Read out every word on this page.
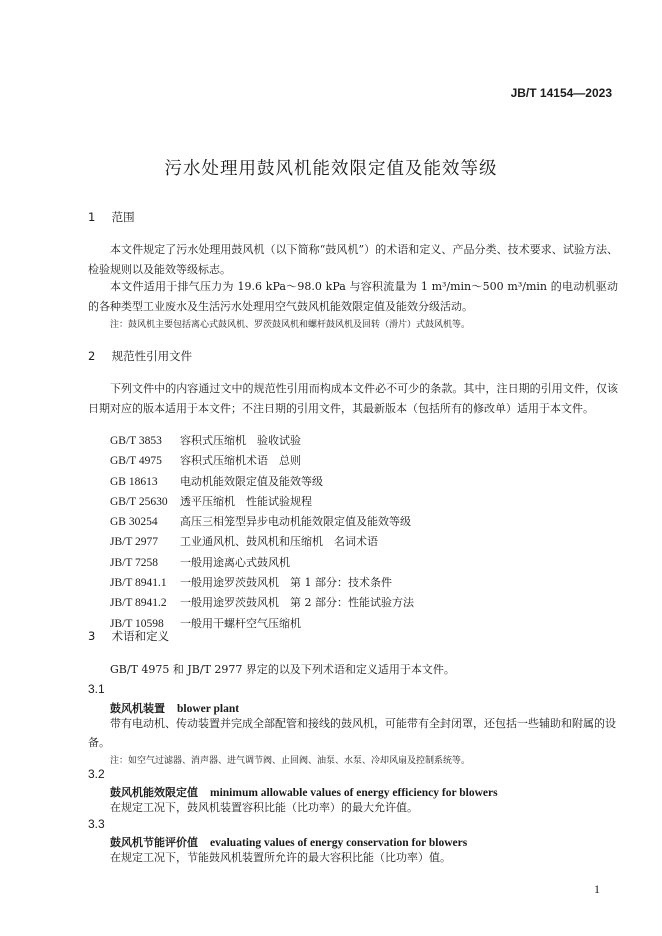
JB/T 14154—2023
污水处理用鼓风机能效限定值及能效等级
1 范围
本文件规定了污水处理用鼓风机（以下简称“鼓风机”）的术语和定义、产品分类、技术要求、试验方法、检验规则以及能效等级标志。
本文件适用于排气压力为 19.6 kPa～98.0 kPa 与容积流量为 1 m³/min～500 m³/min 的电动机驱动的各种类型工业废水及生活污水处理用空气鼓风机能效限定值及能效分级活动。
注：鼓风机主要包括离心式鼓风机、罗茨鼓风机和螺杆鼓风机及回转（滑片）式鼓风机等。
2 规范性引用文件
下列文件中的内容通过文中的规范性引用而构成本文件必不可少的条款。其中，注日期的引用文件，仅该日期对应的版本适用于本文件；不注日期的引用文件，其最新版本（包括所有的修改单）适用于本文件。
GB/T 3853 容积式压缩机　验收试验
GB/T 4975 容积式压缩机术语　总则
GB 18613 电动机能效限定值及能效等级
GB/T 25630 透平压缩机　性能试验规程
GB 30254 高压三相笼型异步电动机能效限定值及能效等级
JB/T 2977 工业通风机、鼓风机和压缩机　名词术语
JB/T 7258 一般用途离心式鼓风机
JB/T 8941.1 一般用途罗茨鼓风机　第 1 部分：技术条件
JB/T 8941.2 一般用途罗茨鼓风机　第 2 部分：性能试验方法
JB/T 10598 一般用干螺杆空气压缩机
3 术语和定义
GB/T 4975 和 JB/T 2977 界定的以及下列术语和定义适用于本文件。
3.1
鼓风机装置 blower plant
带有电动机、传动装置并完成全部配管和接线的鼓风机，可能带有全封闭罩，还包括一些辅助和附属的设备。
注：如空气过滤器、消声器、进气调节阀、止回阀、油泵、水泵、冷却风扇及控制系统等。
3.2
鼓风机能效限定值 minimum allowable values of energy efficiency for blowers
在规定工况下，鼓风机装置容积比能（比功率）的最大允许值。
3.3
鼓风机节能评价值 evaluating values of energy conservation for blowers
在规定工况下，节能鼓风机装置所允许的最大容积比能（比功率）值。
1
